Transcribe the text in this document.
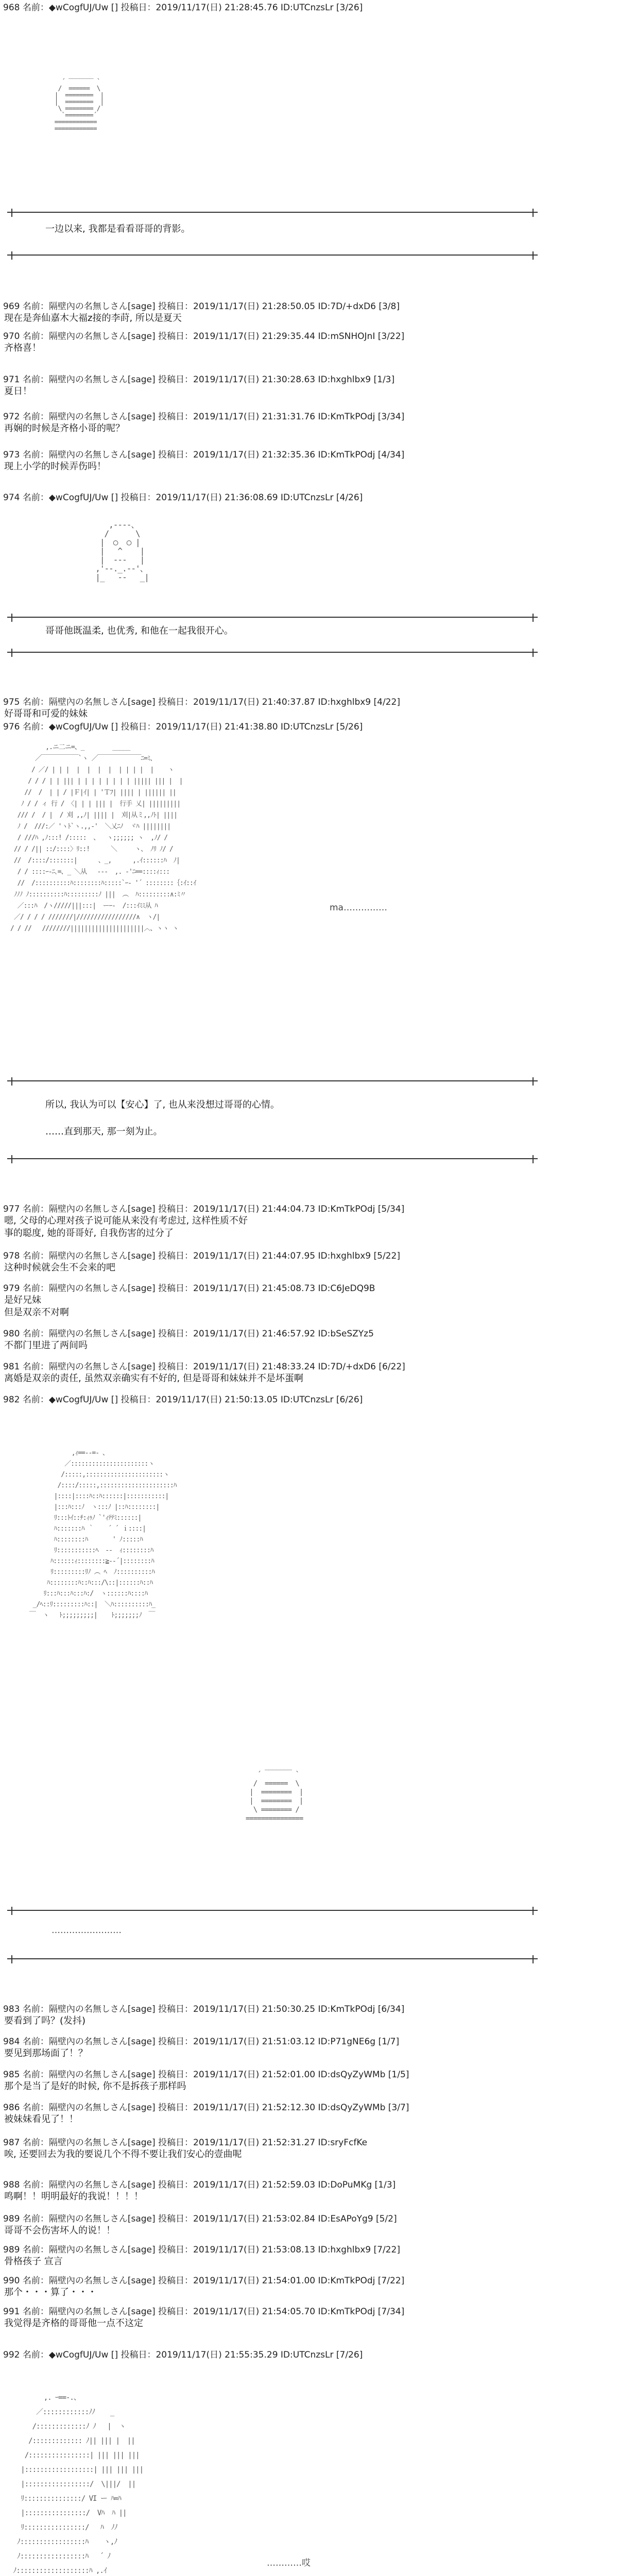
968 名前：◆wCogfUJ/Uw [] 投稿日：2019/11/17(日) 21:28:45.76 ID:UTCnzsLr [3/26]
_______
´         `
/  ======  \
|  ========  |
|  ========  |
\ ======== /
`========´
============
============
一边以来, 我都是看看哥哥的背影。
969 名前：隔壁內の名無しさん[sage] 投稿日：2019/11/17(日) 21:28:50.05 ID:7D/+dxD6 [3/8]
现在是奔仙嘉木大福z接的李莳, 所以是夏天
970 名前：隔壁內の名無しさん[sage] 投稿日：2019/11/17(日) 21:29:35.44 ID:mSNHOJnI [3/22]
齐格喜！
971 名前：隔壁內の名無しさん[sage] 投稿日：2019/11/17(日) 21:30:28.63 ID:hxghlbx9 [1/3]
夏日！
972 名前：隔壁內の名無しさん[sage] 投稿日：2019/11/17(日) 21:31:31.76 ID:KmTkPOdj [3/34]
再娴的时候是齐格小哥的呢？
973 名前：隔壁內の名無しさん[sage] 投稿日：2019/11/17(日) 21:32:35.36 ID:KmTkPOdj [4/34]
现上小学的时候弄伤吗！
974 名前：◆wCogfUJ/Uw [] 投稿日：2019/11/17(日) 21:36:08.69 ID:UTCnzsLr [4/26]
,-‐‐-、
/      \
|  ○  ○ |
|   ^    |
|  ‐‐‐   |
,'‐-._.-‐'、
|_   ‐‐   _|
哥哥他既温柔, 也优秀, 和他在一起我很开心。
975 名前：隔壁內の名無しさん[sage] 投稿日：2019/11/17(日) 21:40:37.87 ID:hxghlbx9 [4/22]
好哥哥和可爱的妹妹
976 名前：◆wCogfUJ/Uw [] 投稿日：2019/11/17(日) 21:41:38.80 ID:UTCnzsLr [5/26]
,.ニ二ニ=、_        _____
／￣￣￣￣￣￣`ヽ ／￣￣￣￣￣￣￣ﾆ=ﾐ、
/ ／/ | | |  |  |  |  |  | | | |  |    ヽ
/ / / | | ||| | | | | | | | | ||||| ||| |  |
//  /  | | / |Ｆ|ｲ| | 'Ｔﾌ| |||| | |||||| ||
ﾉ / / ィ 行 / 〈| | | ||| |  行手 乂| |||||||||
/// /  / |  / 刈 ,,ﾉ| |||| |  刈|从ミ,,ﾉﾄ| ||||
ﾉ /  ///:／ 'ヽﾄ`ヽ.,,‐'  ＼乂ﾆﾉ  ヾﾊ ||||||||
/ ///ﾊ ,ﾉ:::! /:::::  、  ヽ;;;;;; ヽ  ,ﾉ/ /
// / /|| ::/::::〉ﾘ::!      ＼     ヽ、 ﾉﾘ ﾉ/ /
//  /::::/:::::::|      、_,      ,.ｲ::::::ﾊ  ﾉ|
/ / ::::ｰ-ﾆ､=、_ ＼从   ‐‐‐  ,. ‐'ﾆ==::::ｨ:::
//  /::::::::::ﾊ::::::::ﾊ:::::`ｰ‐ '´ ::::::::｛:ｲ::ｲ
ﾉﾉﾉ ﾉ::::::::::ﾊ:::::::::ﾉ |||  ︵  ﾊ:::::::::∧:ﾐ〃
／:::ﾊ  /ヽ/////|||:::|  ーｰ‐  /:::ｲﾐﾐ从 ﾊ
／/ / / / ///////|/////////////////∧  ヽ/|
/ / //   ////////|||||||||||||||||||||︿、ヽヽ ヽ
ma……………
所以, 我认为可以【安心】了, 也从来没想过哥哥的心情。
……直到那天, 那一刻为止。
977 名前：隔壁內の名無しさん[sage] 投稿日：2019/11/17(日) 21:44:04.73 ID:KmTkPOdj [5/34]
嗯, 父母的心理对孩子说可能从来没有考虑过, 这样性质不好
事的聪度, 她的哥哥好, 自我伤害的过分了
978 名前：隔壁內の名無しさん[sage] 投稿日：2019/11/17(日) 21:44:07.95 ID:hxghlbx9 [5/22]
这种时候就会生不会来的吧
979 名前：隔壁內の名無しさん[sage] 投稿日：2019/11/17(日) 21:45:08.73 ID:C6JeDQ9B
是好兄妹
但是双亲不对啊
980 名前：隔壁內の名無しさん[sage] 投稿日：2019/11/17(日) 21:46:57.92 ID:bSeSZYz5
不都门里进了两间吗
981 名前：隔壁內の名無しさん[sage] 投稿日：2019/11/17(日) 21:48:33.24 ID:7D/+dxD6 [6/22]
离婚是双亲的责任, 虽然双亲确实有不好的, 但是哥哥和妹妹并不是坏蛋啊
982 名前：◆wCogfUJ/Uw [] 投稿日：2019/11/17(日) 21:50:13.05 ID:UTCnzsLr [6/26]
,ｨ==‐-=‐ 、
／::::::::::::::::::::::ヽ
/:::::,::::::::::::::::::::::ヽ
/::::/:::::,:::::::::::::::::::::ﾊ
|::::|::::ﾊ::ﾊ::::::|:::::::::::|
|:::ﾊ:::ﾉ  ヽ:::ﾉ |::ﾊ::::::::|
ﾘ:::ﾄｲ::ﾁ:ｨｩﾉ `'ｨﾃﾃﾐ::::::|
ﾊ:::::::ﾊ ｀    ´ ´ ｉ::::|
ﾊ::::::::ﾊ       ' ﾉ:::::ﾊ
ﾘ:::::::::::ﾍ  ‐‐  ｨ::::::::ﾊ
ﾊ::::::ｨ::::::::≧-‐´|::::::::ﾊ
ﾘ:::::::::ﾘﾉ ︵ ﾍ  ﾉ::::::::::ﾊ
ﾊ::::::::ﾊ::ﾊ:::/\::|::::::ﾊ::ﾊ
ﾘ:::ﾊ:::ﾊ:::ﾊ:/  ヽ::::::ﾊ::::ﾊ
_/ﾍ::ﾘ:::::::::ﾊ::|  ＼ﾊ::::::::::ﾊ_
￣  ヽ   ﾄ;;;;;;;;;|    ﾄ;;;;;;;ﾉ  ￣
_______
´         `
/  ======  \
|  ========  |
|  ========  |
\ ======== /
===============
……………………
983 名前：隔壁內の名無しさん[sage] 投稿日：2019/11/17(日) 21:50:30.25 ID:KmTkPOdj [6/34]
要看到了吗？(发抖)
984 名前：隔壁內の名無しさん[sage] 投稿日：2019/11/17(日) 21:51:03.12 ID:P71gNE6g [1/7]
要见到那场面了！？
985 名前：隔壁內の名無しさん[sage] 投稿日：2019/11/17(日) 21:52:01.00 ID:dsQyZyWMb [1/5]
那个是当了是好的时候, 你不是拆孩子那样吗
986 名前：隔壁內の名無しさん[sage] 投稿日：2019/11/17(日) 21:52:12.30 ID:dsQyZyWMb [3/7]
被妹妹看见了！！
987 名前：隔壁內の名無しさん[sage] 投稿日：2019/11/17(日) 21:52:31.27 ID:sryFcfKe
唉, 还要回去为我的要说几个不得不要让我们安心的壹曲呢
988 名前：隔壁內の名無しさん[sage] 投稿日：2019/11/17(日) 21:52:59.03 ID:DoPuMKg [1/3]
鸣啊！！明明最好的我说！！！！
989 名前：隔壁內の名無しさん[sage] 投稿日：2019/11/17(日) 21:53:02.84 ID:EsAPoYg9 [5/2]
哥哥不会伤害坏人的说！！
989 名前：隔壁內の名無しさん[sage] 投稿日：2019/11/17(日) 21:53:08.13 ID:hxghlbx9 [7/22]
骨格孩子 宣言
990 名前：隔壁內の名無しさん[sage] 投稿日：2019/11/17(日) 21:54:01.00 ID:KmTkPOdj [7/22]
那个・・・算了・・・
991 名前：隔壁內の名無しさん[sage] 投稿日：2019/11/17(日) 21:54:05.70 ID:KmTkPOdj [7/34]
我觉得是齐格的哥哥他一点不这定
992 名前：◆wCogfUJ/Uw [] 投稿日：2019/11/17(日) 21:55:35.29 ID:UTCnzsLr [7/26]
,. ｰ==‐.、
／::::::::::::ﾉﾉ    _
/:::::::::::::ﾉ ﾉ   |  ヽ
/::::::::::::: ﾉ|| ||| |  ||
/::::::::::::::::| ||| ||| |||
|::::::::::::::::::| ||| ||| |||
|:::::::::::::::::/  \|||/  ||
ﾘ:::::::::::::::/ VI ー ﾊ=ﾊ
|::::::::::::::::/  Vﾊ  ﾊ ||
ﾘ::::::::::::::::/   ﾊ  ﾉﾉ
ﾉ:::::::::::::::::ﾊ    ヽ,ﾉ
ﾉ:::::::::::::::::ﾊ   ´ ﾉ
ﾉ:::::::::::::::::::ﾊ ,.ｲ

…………哎
